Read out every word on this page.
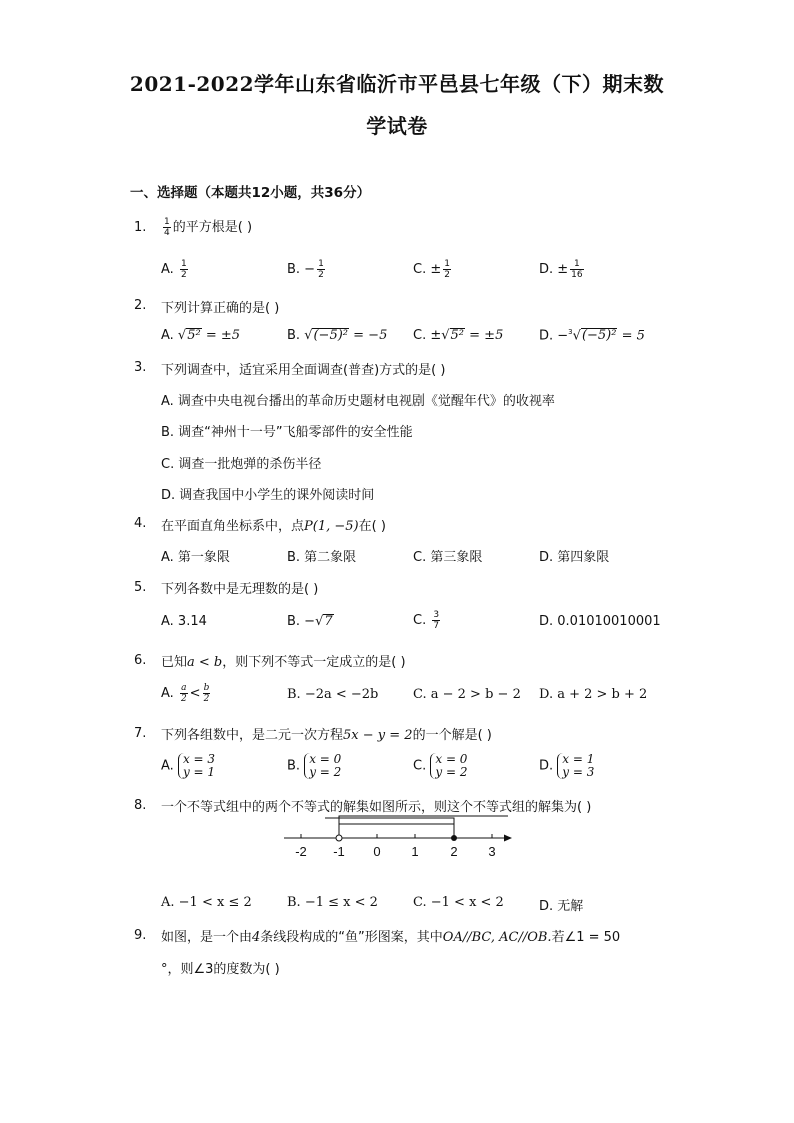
2021-2022学年山东省临沂市平邑县七年级（下）期末数
学试卷
一、选择题（本题共12小题，共36分）
1. $\frac{1}{4}$ 的平方根是( )
A. $\frac{1}{2}$	B. − $\frac{1}{2}$	C. ± $\frac{1}{2}$	D. ± $\frac{1}{16}$
2. 下列计算正确的是( )
A. √5² = ±5	B. √(−5)² = −5 C. ±√5² = ±5	D. −$^3$√(−5)² = 5
3. 下列调查中，适宜采用全面调查(普查)方式的是( )
A. 调查中央电视台播出的革命历史题材电视剧《觉醒年代》的收视率
B. 调查“神州十一号”飞船零部件的安全性能
C. 调查一批炮弹的杀伤半径
D. 调查我国中小学生的课外阅读时间
4. 在平面直角坐标系中，点P(1, −5)在( )
A. 第一象限	B. 第二象限	C. 第三象限	D. 第四象限
5. 下列各数中是无理数的是( )
A. 3.14	B. −√7	C. $\frac{3}{7}$	D. 0.01010010001
6. 已知a < b，则下列不等式一定成立的是( )
A. $\frac{a}{2} < \frac{b}{2}$	B. −2a < −2b	C. a − 2 > b − 2 D. a + 2 > b + 2
7. 下列各组数中，是二元一次方程5x − y = 2的一个解是( )
A. x = 3
y = 1	B. x = 0
y = 2	C. x = 0
y = 2	D. x = 1
y = 3
8. 一个不等式组中的两个不等式的解集如图所示，则这个不等式组的解集为( )
-2 -1 0 1 2 3
A. −1 < x ≤ 2	B. −1 ≤ x < 2	C. −1 < x < 2	D. 无解
9. 如图，是一个由4条线段构成的“鱼”形图案，其中OA//BC, AC//OB.若∠1 = 50
°，则∠3的度数为( )
